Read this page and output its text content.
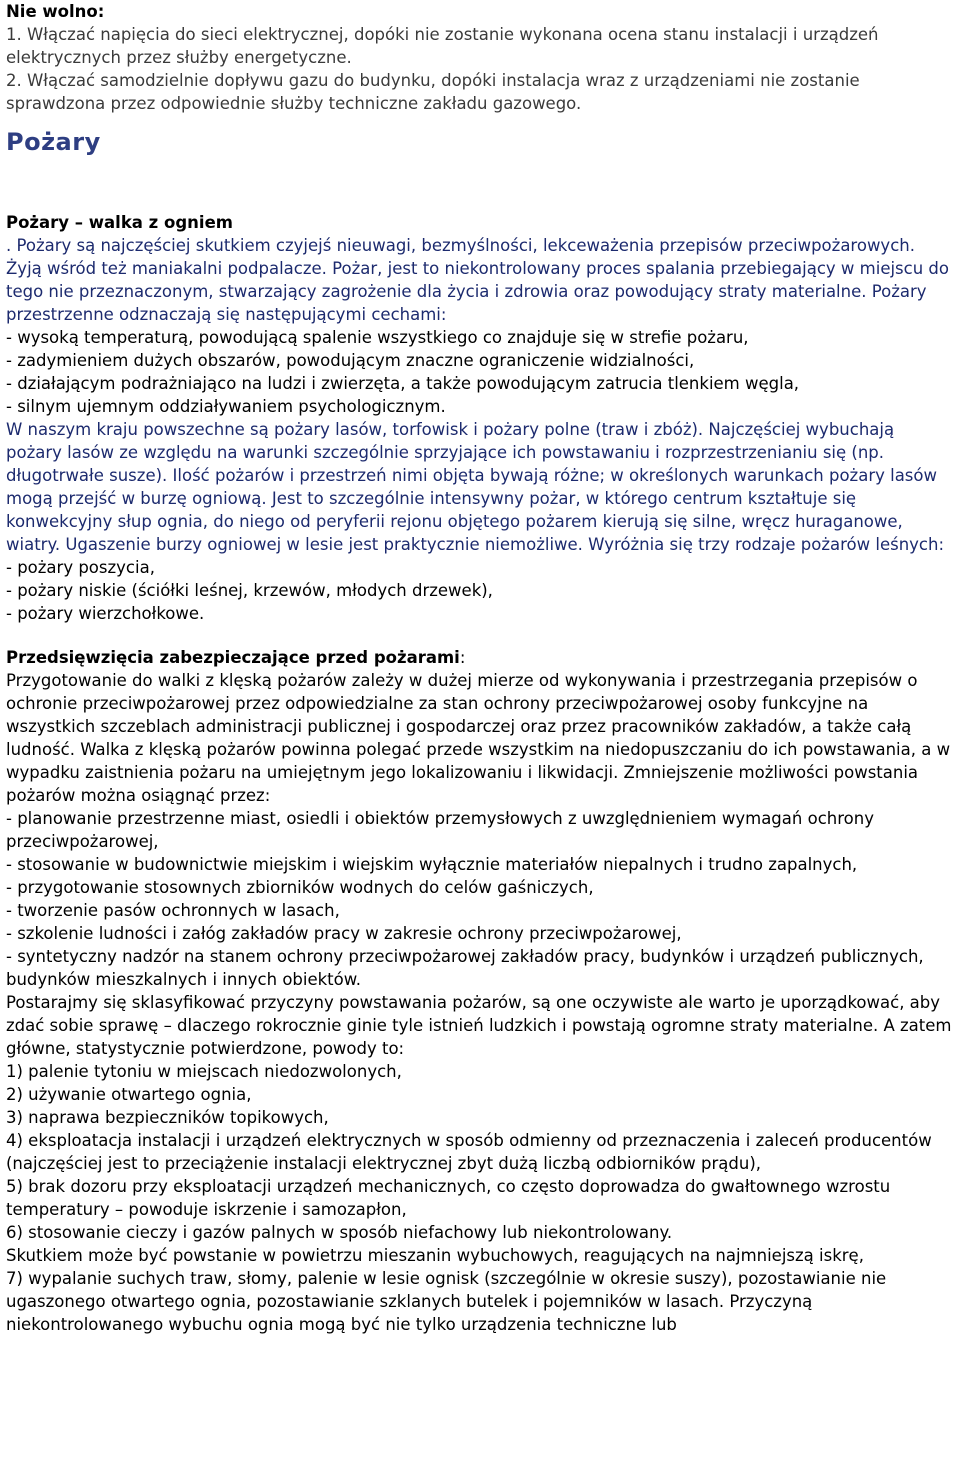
Nie wolno:

1. Włączać napięcia do sieci elektrycznej, dopóki nie zostanie wykonana ocena stanu instalacji i urządzeń elektrycznych przez służby energetyczne.

2. Włączać samodzielnie dopływu gazu do budynku, dopóki instalacja wraz z urządzeniami nie zostanie sprawdzona przez odpowiednie służby techniczne zakładu gazowego.

Pożary

Pożary – walka z ogniem

. Pożary są najczęściej skutkiem czyjejś nieuwagi, bezmyślności, lekceważenia przepisów przeciwpożarowych. Żyją wśród też maniakalni podpalacze. Pożar, jest to niekontrolowany proces spalania przebiegający w miejscu do tego nie przeznaczonym, stwarzający zagrożenie dla życia i zdrowia oraz powodujący straty materialne. Pożary przestrzenne odznaczają się następującymi cechami:

- wysoką temperaturą, powodującą spalenie wszystkiego co znajduje się w strefie pożaru,

- zadymieniem dużych obszarów, powodującym znaczne ograniczenie widzialności,

- działającym podrażniająco na ludzi i zwierzęta, a także powodującym zatrucia tlenkiem węgla,

- silnym ujemnym oddziaływaniem psychologicznym.

W naszym kraju powszechne są pożary lasów, torfowisk i pożary polne (traw i zbóż). Najczęściej wybuchają pożary lasów ze względu na warunki szczególnie sprzyjające ich powstawaniu i rozprzestrzenianiu się (np. długotrwałe susze). Ilość pożarów i przestrzeń nimi objęta bywają różne; w określonych warunkach pożary lasów mogą przejść w burzę ogniową. Jest to szczególnie intensywny pożar, w którego centrum kształtuje się konwekcyjny słup ognia, do niego od peryferii rejonu objętego pożarem kierują się silne, wręcz huraganowe, wiatry. Ugaszenie burzy ogniowej w lesie jest praktycznie niemożliwe. Wyróżnia się trzy rodzaje pożarów leśnych:

- pożary poszycia,

- pożary niskie (ściółki leśnej, krzewów, młodych drzewek),

- pożary wierzchołkowe.

Przedsięwzięcia zabezpieczające przed pożarami:

Przygotowanie do walki z klęską pożarów zależy w dużej mierze od wykonywania i przestrzegania przepisów o ochronie przeciwpożarowej przez odpowiedzialne za stan ochrony przeciwpożarowej osoby funkcyjne na wszystkich szczeblach administracji publicznej i gospodarczej oraz przez pracowników zakładów, a także całą ludność. Walka z klęską pożarów powinna polegać przede wszystkim na niedopuszczaniu do ich powstawania, a w wypadku zaistnienia pożaru na umiejętnym jego lokalizowaniu i likwidacji. Zmniejszenie możliwości powstania pożarów można osiągnąć przez:

- planowanie przestrzenne miast, osiedli i obiektów przemysłowych z uwzględnieniem wymagań ochrony przeciwpożarowej,

- stosowanie w budownictwie miejskim i wiejskim wyłącznie materiałów niepalnych i trudno zapalnych,

- przygotowanie stosownych zbiorników wodnych do celów gaśniczych,

- tworzenie pasów ochronnych w lasach,

- szkolenie ludności i załóg zakładów pracy w zakresie ochrony przeciwpożarowej,

- syntetyczny nadzór na stanem ochrony przeciwpożarowej zakładów pracy, budynków i urządzeń publicznych, budynków mieszkalnych i innych obiektów.

Postarajmy się sklasyfikować przyczyny powstawania pożarów, są one oczywiste ale warto je uporządkować, aby zdać sobie sprawę – dlaczego rokrocznie ginie tyle istnień ludzkich i powstają ogromne straty materialne. A zatem główne, statystycznie potwierdzone, powody to:

1) palenie tytoniu w miejscach niedozwolonych,

2) używanie otwartego ognia,

3) naprawa bezpieczników topikowych,

4) eksploatacja instalacji i urządzeń elektrycznych w sposób odmienny od przeznaczenia i zaleceń producentów (najczęściej jest to przeciążenie instalacji elektrycznej zbyt dużą liczbą odbiorników prądu),

5) brak dozoru przy eksploatacji urządzeń mechanicznych, co często doprowadza do gwałtownego wzrostu temperatury – powoduje iskrzenie i samozapłon,

6) stosowanie cieczy i gazów palnych w sposób niefachowy lub niekontrolowany.

Skutkiem może być powstanie w powietrzu mieszanin wybuchowych, reagujących na najmniejszą iskrę,

7) wypalanie suchych traw, słomy, palenie w lesie ognisk (szczególnie w okresie suszy), pozostawianie nie ugaszonego otwartego ognia, pozostawianie szklanych butelek i pojemników w lasach. Przyczyną niekontrolowanego wybuchu ognia mogą być nie tylko urządzenia techniczne lub
